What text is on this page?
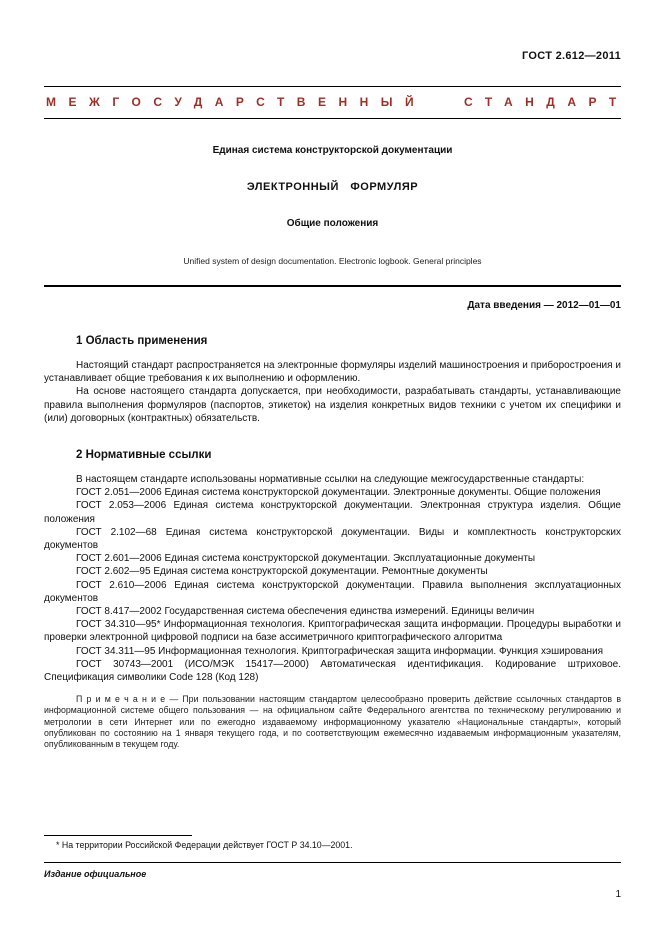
ГОСТ 2.612—2011
МЕЖГОСУДАРСТВЕННЫЙ СТАНДАРТ
Единая система конструкторской документации
ЭЛЕКТРОННЫЙ ФОРМУЛЯР
Общие положения
Unified system of design documentation. Electronic logbook. General principles
Дата введения — 2012—01—01
1 Область применения

Настоящий стандарт распространяется на электронные формуляры изделий машиностроения и приборостроения и устанавливает общие требования к их выполнению и оформлению.

На основе настоящего стандарта допускается, при необходимости, разрабатывать стандарты, устанавливающие правила выполнения формуляров (паспортов, этикеток) на изделия конкретных видов техники с учетом их специфики и (или) договорных (контрактных) обязательств.

2 Нормативные ссылки

В настоящем стандарте использованы нормативные ссылки на следующие межгосударственные стандарты:

ГОСТ 2.051—2006 Единая система конструкторской документации. Электронные документы. Общие положения

ГОСТ 2.053—2006 Единая система конструкторской документации. Электронная структура изделия. Общие положения

ГОСТ 2.102—68 Единая система конструкторской документации. Виды и комплектность конструкторских документов

ГОСТ 2.601—2006 Единая система конструкторской документации. Эксплуатационные документы

ГОСТ 2.602—95 Единая система конструкторской документации. Ремонтные документы

ГОСТ 2.610—2006 Единая система конструкторской документации. Правила выполнения эксплуатационных документов

ГОСТ 8.417—2002 Государственная система обеспечения единства измерений. Единицы величин

ГОСТ 34.310—95* Информационная технология. Криптографическая защита информации. Процедуры выработки и проверки электронной цифровой подписи на базе ассиметричного криптографического алгоритма

ГОСТ 34.311—95 Информационная технология. Криптографическая защита информации. Функция хэширования

ГОСТ 30743—2001 (ИСО/МЭК 15417—2000) Автоматическая идентификация. Кодирование штриховое. Спецификация символики Code 128 (Код 128)

П р и м е ч а н и е — При пользовании настоящим стандартом целесообразно проверить действие ссылочных стандартов в информационной системе общего пользования — на официальном сайте Федерального агентства по техническому регулированию и метрологии в сети Интернет или по ежегодно издаваемому информационному указателю «Национальные стандарты», который опубликован по состоянию на 1 января текущего года, и по соответствующим ежемесячно издаваемым информационным указателям, опубликованным в текущем году.

* На территории Российской Федерации действует ГОСТ Р 34.10—2001.

Издание официальное
1
